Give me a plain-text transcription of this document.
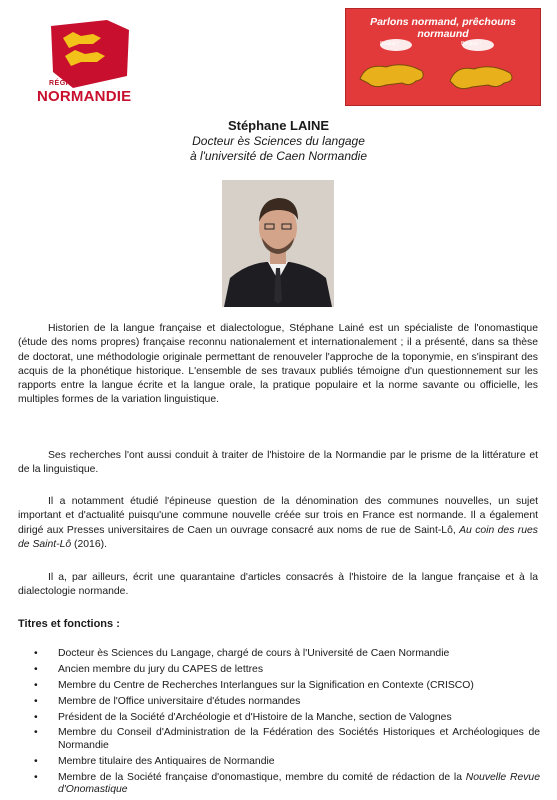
RÉGION
NORMANDIE
Parlons normand, prêchouns normaund
Boujou !	Benjour !
Stéphane LAINE
Docteur ès Sciences du langage
à l'université de Caen Normandie

Historien de la langue française et dialectologue, Stéphane Lainé est un spécialiste de l'onomastique (étude des noms propres) française reconnu nationalement et internationalement ; il a présenté, dans sa thèse de doctorat, une méthodologie originale permettant de renouveler l'approche de la toponymie, en s'inspirant des acquis de la phonétique historique. L'ensemble de ses travaux publiés témoigne d'un questionnement sur les rapports entre la langue écrite et la langue orale, la pratique populaire et la norme savante ou officielle, les multiples formes de la variation linguistique.

Ses recherches l'ont aussi conduit à traiter de l'histoire de la Normandie par le prisme de la littérature et de la linguistique.

Il a notamment étudié l'épineuse question de la dénomination des communes nouvelles, un sujet important et d'actualité puisqu'une commune nouvelle créée sur trois en France est normande. Il a également dirigé aux Presses universitaires de Caen un ouvrage consacré aux noms de rue de Saint-Lô, Au coin des rues de Saint-Lô (2016).

Il a, par ailleurs, écrit une quarantaine d'articles consacrés à l'histoire de la langue française et à la dialectologie normande.

Titres et fonctions :
• Docteur ès Sciences du Langage, chargé de cours à l'Université de Caen Normandie
• Ancien membre du jury du CAPES de lettres
• Membre du Centre de Recherches Interlangues sur la Signification en Contexte (CRISCO)
• Membre de l'Office universitaire d'études normandes
• Président de la Société d'Archéologie et d'Histoire de la Manche, section de Valognes
• Membre du Conseil d'Administration de la Fédération des Sociétés Historiques et Archéologiques de Normandie
• Membre titulaire des Antiquaires de Normandie
• Membre de la Société française d'onomastique, membre du comité de rédaction de la Nouvelle Revue d'Onomastique
